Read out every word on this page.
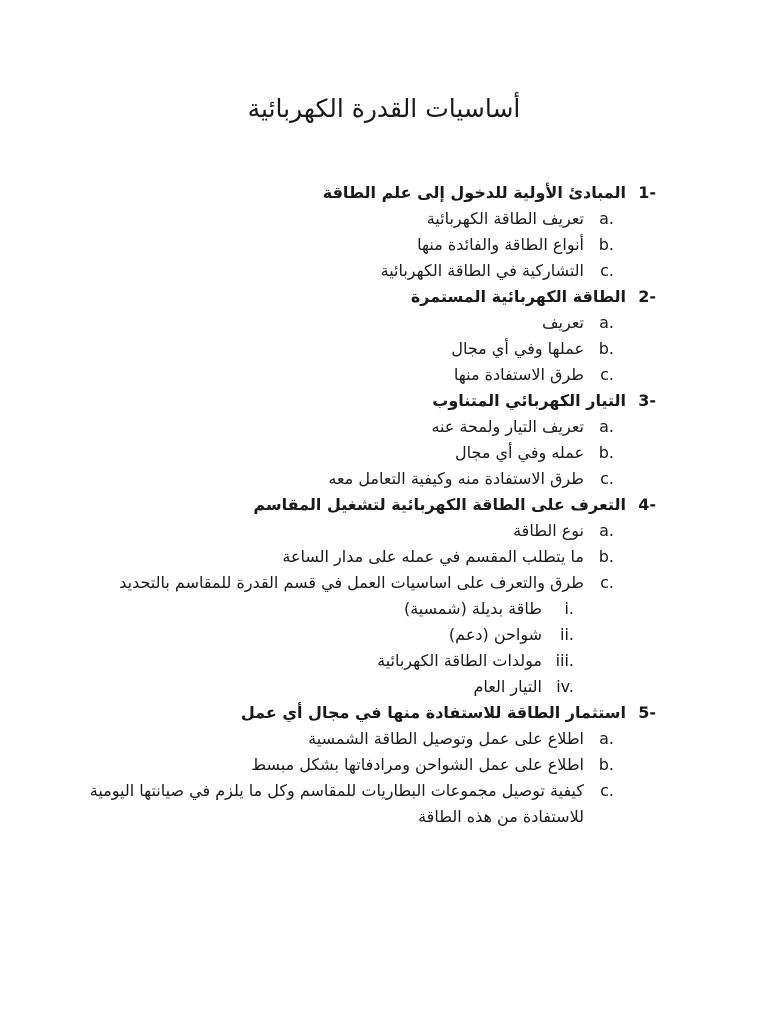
أساسيات القدرة الكهربائية
1-
المبادئ الأولية للدخول إلى علم الطاقة
a.
تعريف الطاقة الكهربائية
b.
أنواع الطاقة والفائدة منها
c.
التشاركية في الطاقة الكهربائية
2-
الطاقة الكهربائية المستمرة
a.
تعريف
b.
عملها وفي أي مجال
c.
طرق الاستفادة منها
3-
التيار الكهربائي المتناوب
a.
تعريف التيار ولمحة عنه
b.
عمله وفي أي مجال
c.
طرق الاستفادة منه وكيفية التعامل معه
4-
التعرف على الطاقة الكهربائية لتشغيل المقاسم
a.
نوع الطاقة
b.
ما يتطلب المقسم في عمله على مدار الساعة
c.
طرق والتعرف على اساسيات العمل في قسم القدرة للمقاسم بالتحديد
i.
طاقة بديلة (شمسية)
ii.
شواحن (دعم)
iii.
مولدات الطاقة الكهربائية
iv.
التيار العام
5-
استثمار الطاقة للاستفادة منها في مجال أي عمل
a.
اطلاع على عمل وتوصيل الطاقة الشمسية
b.
اطلاع على عمل الشواحن ومرادفاتها بشكل مبسط
c.
كيفية توصيل مجموعات البطاريات للمقاسم وكل ما يلزم في صيانتها اليومية للاستفادة من هذه الطاقة
